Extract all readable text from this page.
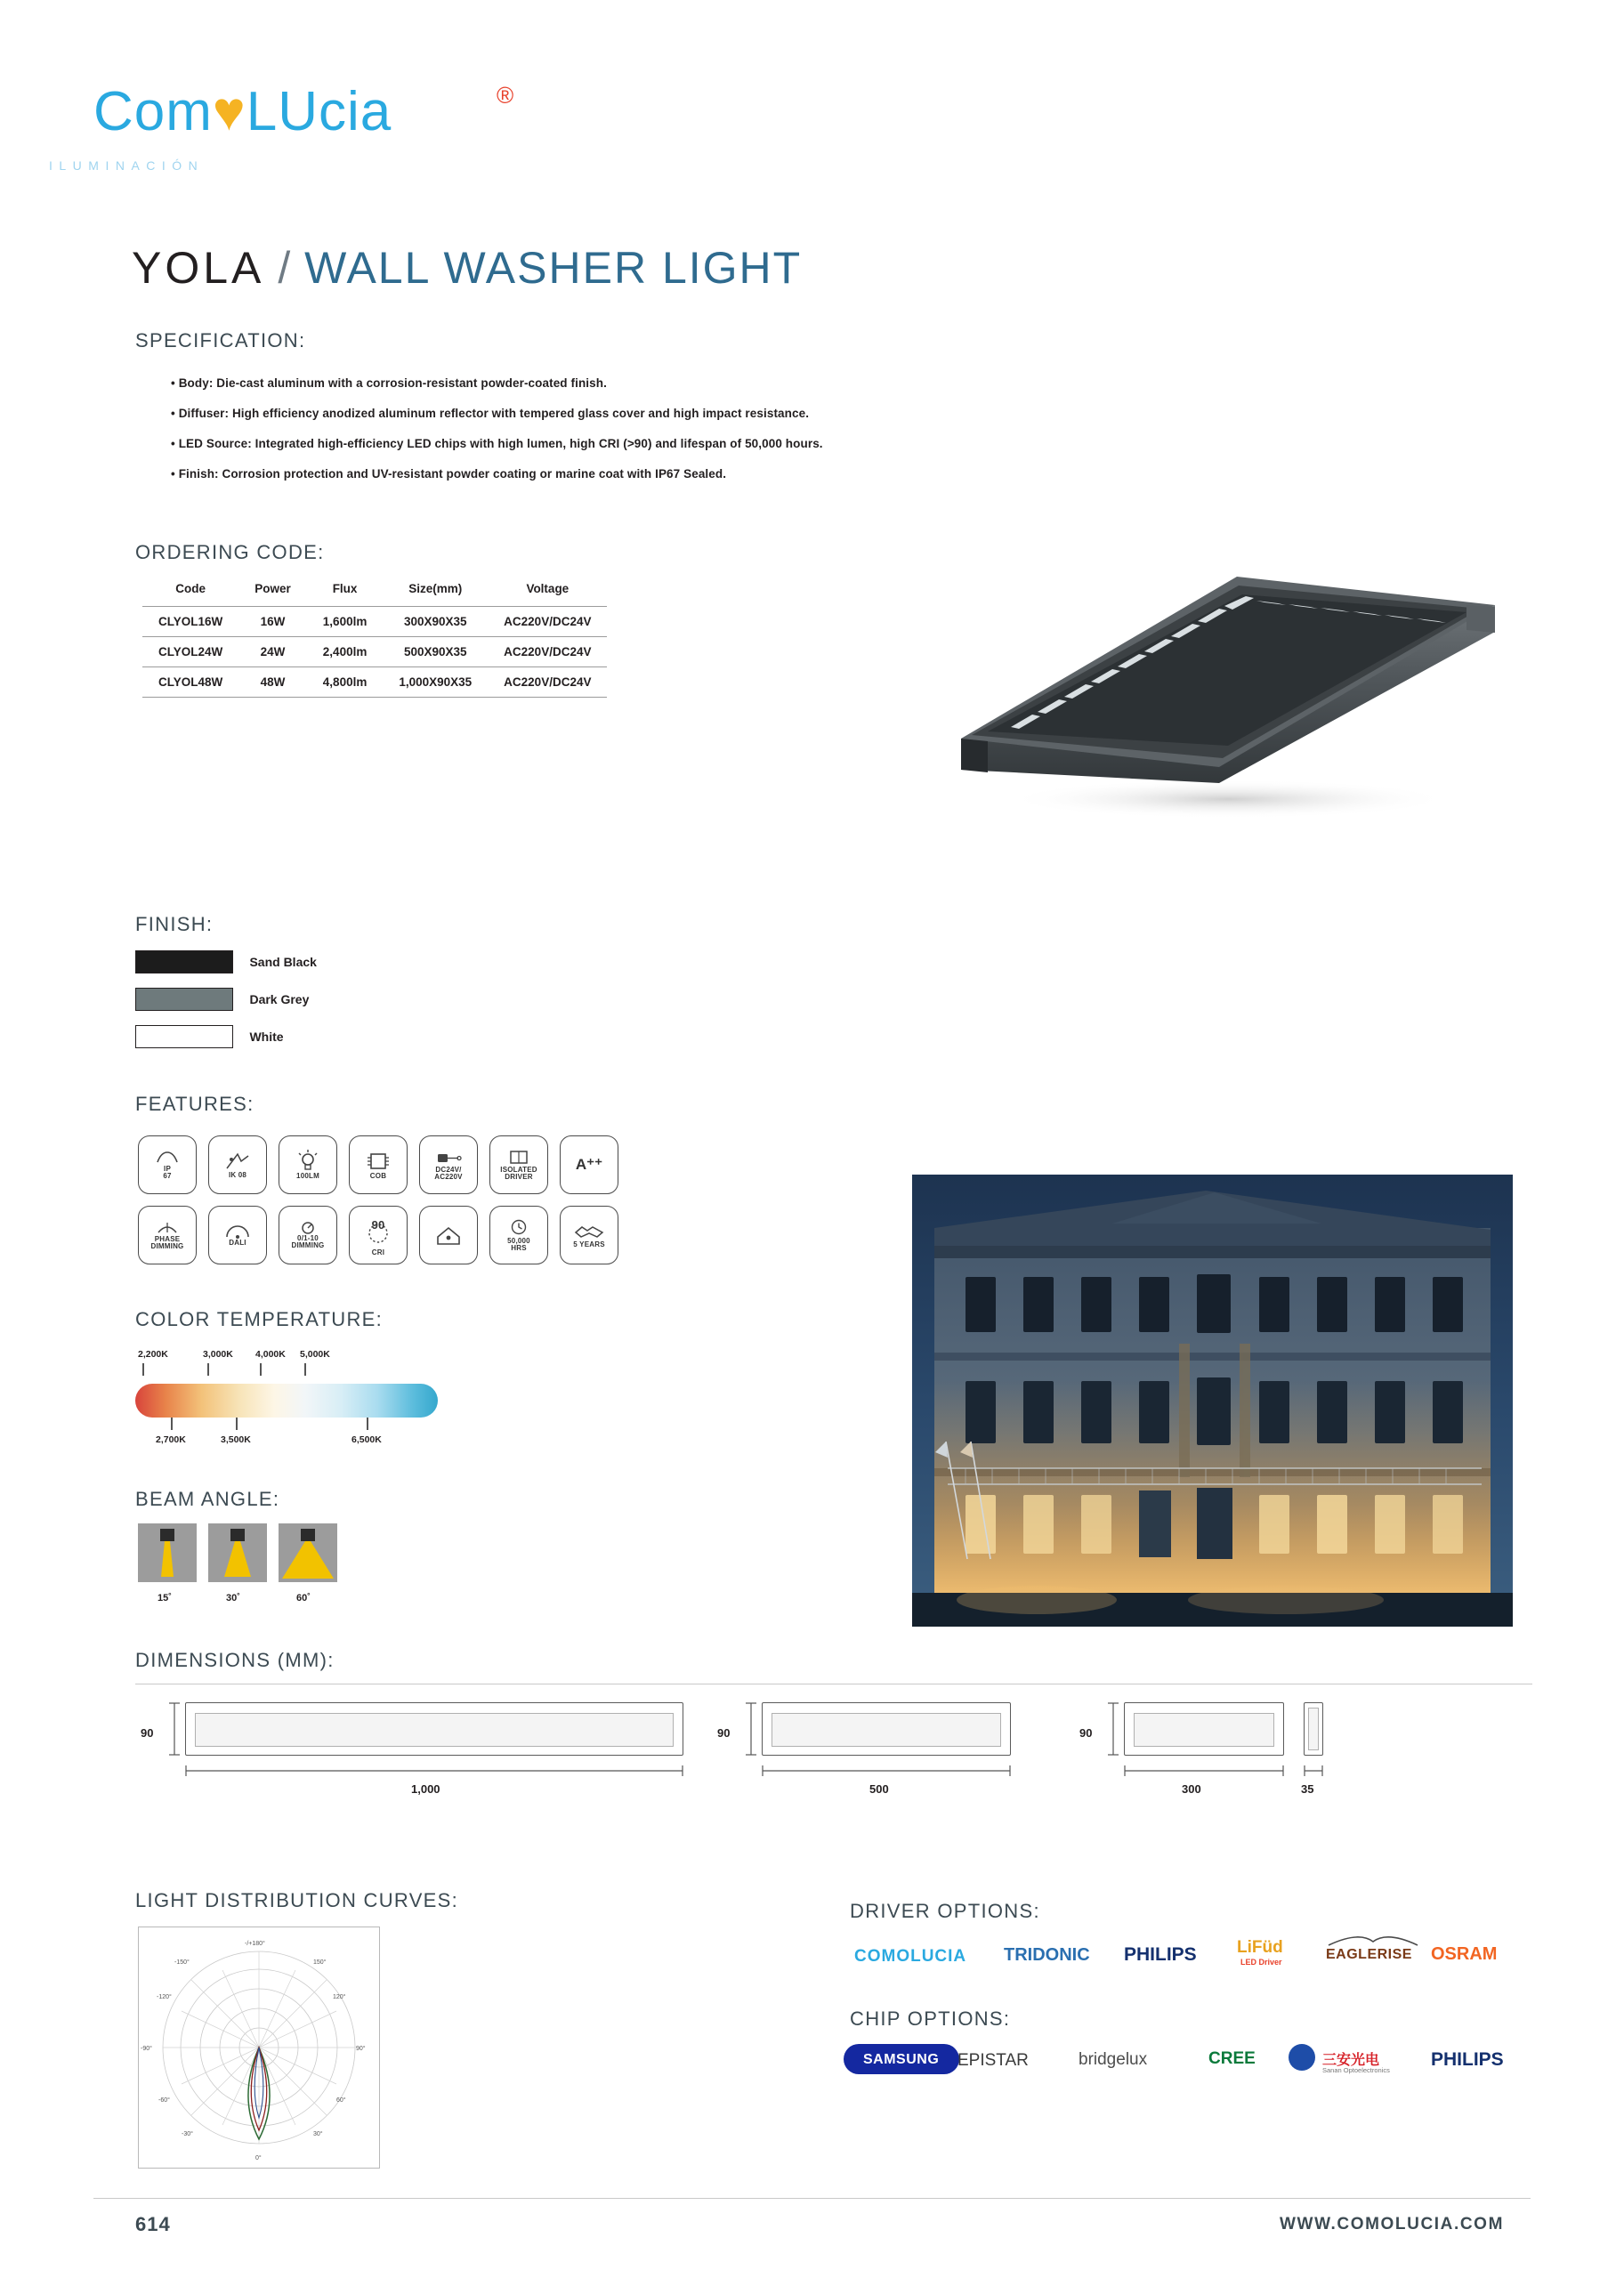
Com♥LUcia	®
ILUMINACIÓN
YOLA / WALL WASHER LIGHT
SPECIFICATION:
• Body: Die-cast aluminum with a corrosion-resistant powder-coated finish.
• Diffuser: High efficiency anodized aluminum reflector with tempered glass cover and high impact resistance.
• LED Source: Integrated high-efficiency LED chips with high lumen, high CRI (>90) and lifespan of 50,000 hours.
• Finish: Corrosion protection and UV-resistant powder coating or marine coat with IP67 Sealed.
ORDERING CODE:
Code	Power	Flux	Size(mm)	Voltage
CLYOL16W	16W	1,600lm	300X90X35	AC220V/DC24V
CLYOL24W	24W	2,400lm	500X90X35	AC220V/DC24V
CLYOL48W	48W	4,800lm	1,000X90X35	AC220V/DC24V
FINISH:
Sand Black
Dark Grey
White
FEATURES:
IP
67	IK 08	100LM	COB
DC24V/
AC220V
ISOLATED
DRIVER
A⁺⁺
PHASE
DIMMING	DALI
0/1-10
DIMMING
90
CRI
50,000
HRS	5 YEARS
COLOR TEMPERATURE:
2,200K	3,000K 4,000K 5,000K
2,700K	3,500K	6,500K
BEAM ANGLE:
15˚	30˚	60˚
DIMENSIONS (MM):
90
1,000
90
500
90
300	35
LIGHT DISTRIBUTION CURVES:
-/+180°
0°
-90°	90°
-150°
-120°
-60°
-30°
150°
120°
60°
30°
DRIVER OPTIONS:
COMOLUCIA TRIDONIC PHILIPS LiFüd
LED Driver	EAGLERISE OSRAM
CHIP OPTIONS:
SAMSUNG EPISTAR	bridgelux	CREE	三安光电
Sanan Optoelectronics
PHILIPS
614	WWW.COMOLUCIA.COM
